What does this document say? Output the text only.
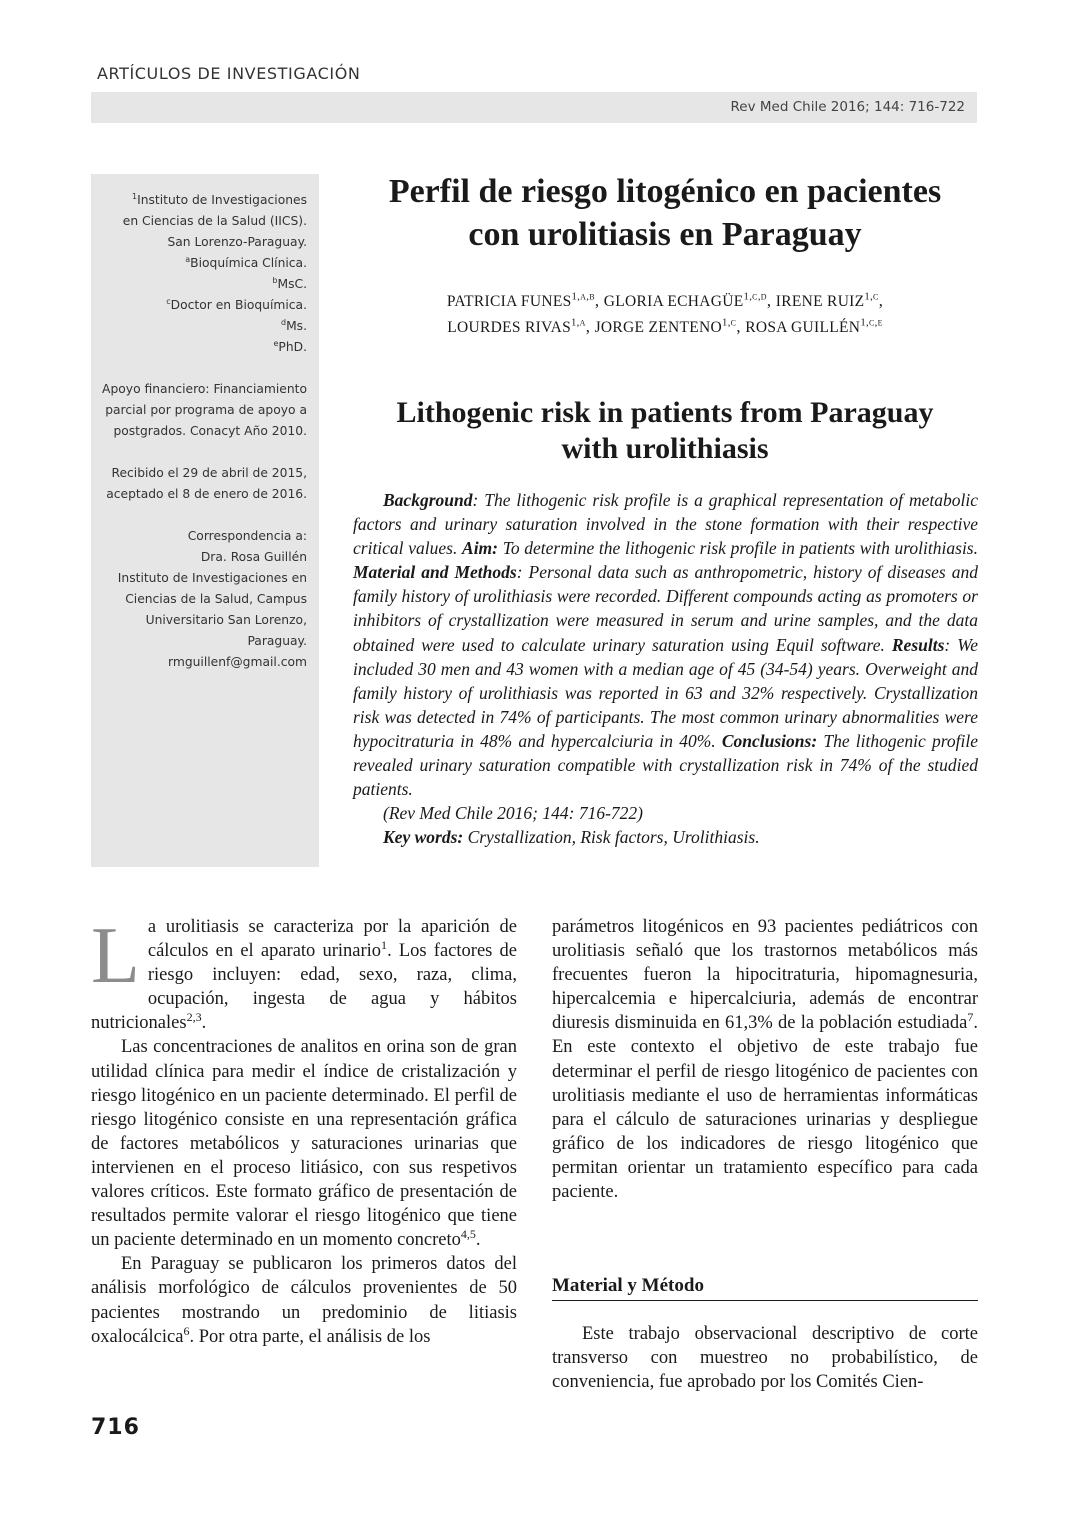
ARTÍCULOS DE INVESTIGACIÓN
Rev Med Chile 2016; 144: 716-722

$^1$Instituto de Investigaciones

en Ciencias de la Salud (IICS).

San Lorenzo-Paraguay.

$^a$Bioquímica Clínica.

$^b$MsC.

$^c$Doctor en Bioquímica.

$^d$Ms.

$^e$PhD.

Apoyo financiero: Financiamiento

parcial por programa de apoyo a

postgrados. Conacyt Año 2010.

Recibido el 29 de abril de 2015,

aceptado el 8 de enero de 2016.

Correspondencia a:

Dra. Rosa Guillén

Instituto de Investigaciones en

Ciencias de la Salud, Campus

Universitario San Lorenzo,

Paraguay.

rmguillenf@gmail.com

Perfil de riesgo litogénico en pacientes
con urolitiasis en Paraguay

PATRICIA FUNES$^{1,a,b}$, GLORIA ECHAGÜE$^{1,c,d}$, IRENE RUIZ$^{1,c}$,
LOURDES RIVAS$^{1,a}$, JORGE ZENTENO$^{1,c}$, ROSA GUILLÉN$^{1,c,e}$

Lithogenic risk in patients from Paraguay
with urolithiasis

Background: The lithogenic risk profile is a graphical representation of metabolic factors and urinary saturation involved in the stone formation with their respective critical values. Aim: To determine the lithogenic risk profile in patients with urolithiasis. Material and Methods: Personal data such as anthropometric, history of diseases and family history of urolithiasis were recorded. Different compounds acting as promoters or inhibitors of crystallization were measured in serum and urine samples, and the data obtained were used to calculate urinary saturation using Equil software. Results: We included 30 men and 43 women with a median age of 45 (34-54) years. Overweight and family history of urolithiasis was reported in 63 and 32% respectively. Crystallization risk was detected in 74% of participants. The most common urinary abnormalities were hypocitraturia in 48% and hypercalciuria in 40%. Conclusions: The lithogenic profile revealed urinary saturation compatible with crystallization risk in 74% of the studied patients.

(Rev Med Chile 2016; 144: 716-722)

Key words: Crystallization, Risk factors, Urolithiasis.

La urolitiasis se caracteriza por la aparición de cálculos en el aparato urinario$^1$. Los factores de riesgo incluyen: edad, sexo, raza, clima, ocupación, ingesta de agua y hábitos nutricionales$^{2,3}$.

Las concentraciones de analitos en orina son de gran utilidad clínica para medir el índice de cristalización y riesgo litogénico en un paciente determinado. El perfil de riesgo litogénico consiste en una representación gráfica de factores metabólicos y saturaciones urinarias que intervienen en el proceso litiásico, con sus respetivos valores críticos. Este formato gráfico de presentación de resultados permite valorar el riesgo litogénico que tiene un paciente determinado en un momento concreto$^{4,5}$.

En Paraguay se publicaron los primeros datos del análisis morfológico de cálculos provenientes de 50 pacientes mostrando un predominio de litiasis oxalocálcica$^6$. Por otra parte, el análisis de los

parámetros litogénicos en 93 pacientes pediátricos con urolitiasis señaló que los trastornos metabólicos más frecuentes fueron la hipocitraturia, hipomagnesuria, hipercalcemia e hipercalciuria, además de encontrar diuresis disminuida en 61,3% de la población estudiada$^7$. En este contexto el objetivo de este trabajo fue determinar el perfil de riesgo litogénico de pacientes con urolitiasis mediante el uso de herramientas informáticas para el cálculo de saturaciones urinarias y despliegue gráfico de los indicadores de riesgo litogénico que permitan orientar un tratamiento específico para cada paciente.

Material y Método

Este trabajo observacional descriptivo de corte transverso con muestreo no probabilístico, de conveniencia, fue aprobado por los Comités Cien-

716
